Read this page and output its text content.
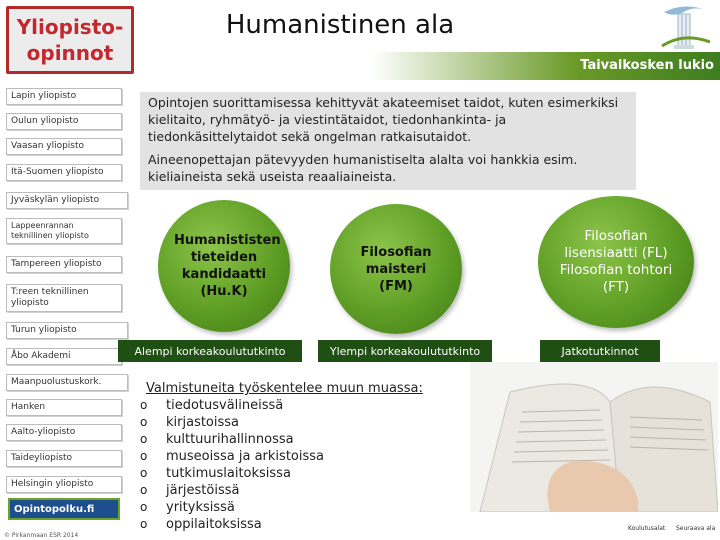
Yliopisto-
opinnot
Humanistinen ala
Taivalkosken lukio
Lapin yliopisto
Oulun yliopisto
Vaasan yliopisto
Itä-Suomen yliopisto
Jyväskylän yliopisto
Lappeenrannan teknillinen yliopisto
Tampereen yliopisto
T:reen teknillinen yliopisto
Turun yliopisto
Åbo Akademi
Maanpuolustuskork.
Hanken
Aalto-yliopisto
Taideyliopisto
Helsingin yliopisto
Opintopolku.fi
© Pirkanmaan ESR 2014

Opintojen suorittamisessa kehittyvät akateemiset taidot, kuten esimerkiksi kielitaito, ryhmätyö- ja viestintätaidot, tiedonhankinta- ja tiedonkäsittelytaidot sekä ongelman ratkaisutaidot.

Aineenopettajan pätevyyden humanistiselta alalta voi hankkia esim. kieliaineista sekä useista reaaliaineista.

Humanististen tieteiden kandidaatti (Hu.K)
Filosofian maisteri (FM)
Filosofian lisensiaatti (FL) Filosofian tohtori (FT)
Alempi korkeakoulututkinto	Ylempi korkeakoulututkinto	Jatkotutkinnot
Valmistuneita työskentelee muun muassa:
o	tiedotusvälineissä
o	kirjastoissa
o	kulttuurihallinnossa
o	museoissa ja arkistoissa
o	tutkimuslaitoksissa
o	järjestöissä
o	yrityksissä
o	oppilaitoksissa	Koulutusalat Seuraava ala
